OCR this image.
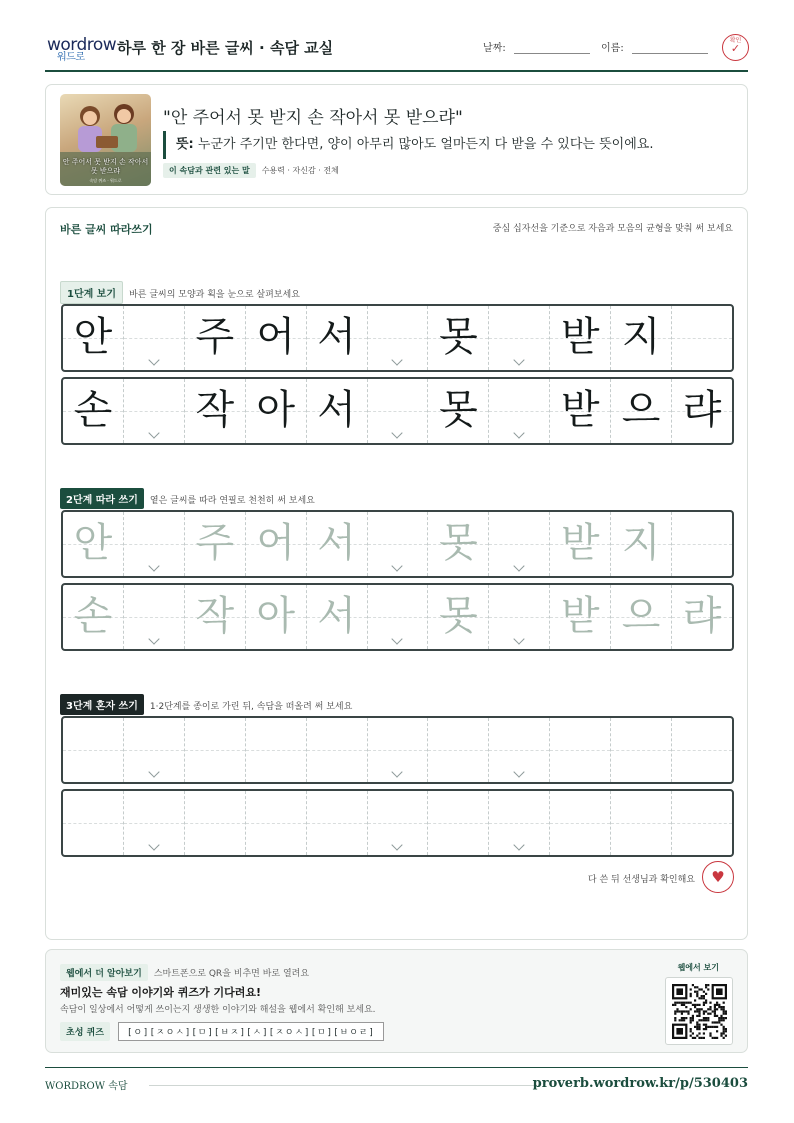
wordrow
워드로
하루 한 장 바른 글씨 · 속담 교실	날짜:	이름:
확인
✓
안 주어서 못 받지 손 작아서 못 받으랴
속담 퀴즈 · 워드로
"안 주어서 못 받지 손 작아서 못 받으랴"
뜻: 누군가 주기만 한다면, 양이 아무리 많아도 얼마든지 다 받을 수 있다는 뜻이에요.
이 속담과 관련 있는 말 수용력 · 자신감 · 전체
바른 글씨 따라쓰기	중심 십자선을 기준으로 자음과 모음의 균형을 맞춰 써 보세요
1단계 보기 바른 글씨의 모양과 획을 눈으로 살펴보세요
안 주 어 서 못 받 지
손 작 아 서 못 받 으 랴
2단계 따라 쓰기 옅은 글씨를 따라 연필로 천천히 써 보세요
안 주 어 서 못 받 지
손 작 아 서 못 받 으 랴
3단계 혼자 쓰기 1·2단계를 종이로 가린 뒤, 속담을 떠올려 써 보세요
다 쓴 뒤 선생님과 확인해요	♥
웹에서 더 알아보기 스마트폰으로 QR을 비추면 바로 열려요
재미있는 속담 이야기와 퀴즈가 기다려요!
속담이 일상에서 어떻게 쓰이는지 생생한 이야기와 해설을 웹에서 확인해 보세요.
초성 퀴즈	[ㅇ][ㅈㅇㅅ][ㅁ][ㅂㅈ][ㅅ][ㅈㅇㅅ][ㅁ][ㅂㅇㄹ]
웹에서 보기
WORDROW 속담	proverb.wordrow.kr/p/530403
